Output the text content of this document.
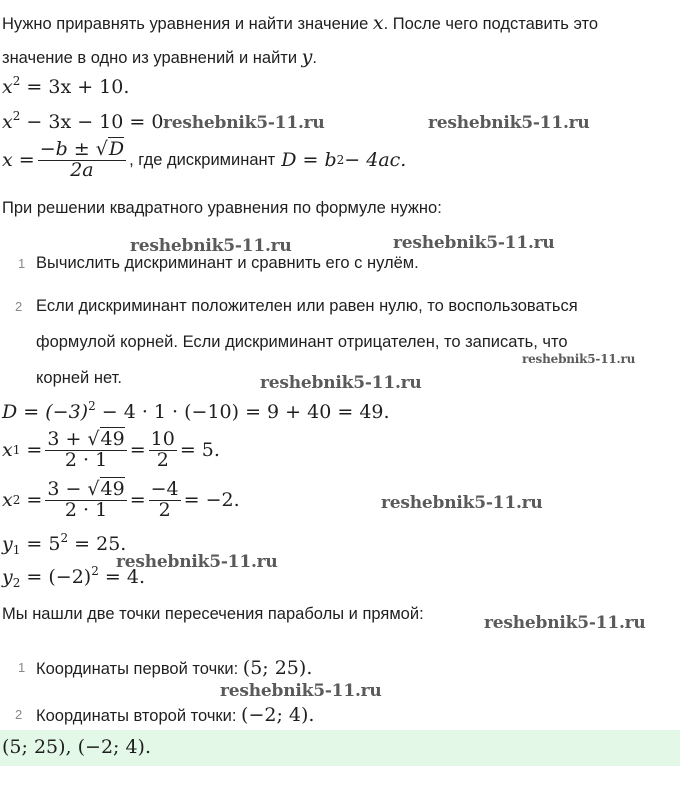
Нужно приравнять уравнения и найти значение x. После чего подставить это
значение в одно из уравнений и найти y.
$x^2 = 3x + 10$.
$x^2 - 3x - 10 = 0$.
$x = \frac{-b \pm √D}{2a}$ , где дискриминант
D = b 2 − 4ac.
При решении квадратного уравнения по формуле нужно:
1 Вычислить дискриминант и сравнить его с нулём.
2 Если дискриминант положителен или равен нулю, то воспользоваться
формулой корней. Если дискриминант отрицателен, то записать, что
корней нет.
$D = (-3)^2 - 4 \cdot 1 \cdot (-10) = 9 + 40 = 49$.
x $1 = \frac{3 + √49}{2 \cdot 1} = \frac{10}{2} = 5$.
x $2 = \frac{3 - √49}{2 \cdot 1} = \frac{-4}{2} = -2$.
$y_1 = 5^2 = 25$.
$y_2 = (-2)^2 = 4$.
Мы нашли две точки пересечения параболы и прямой:
1 Координаты первой точки: (5; 25).
2 Координаты второй точки: (−2; 4).
(5; 25), (−2; 4).
reshebnik5-11.ru	reshebnik5-11.ru
reshebnik5-11.ru	reshebnik5-11.ru
reshebnik5-11.ru
reshebnik5-11.ru
reshebnik5-11.ru
reshebnik5-11.ru
reshebnik5-11.ru
reshebnik5-11.ru
